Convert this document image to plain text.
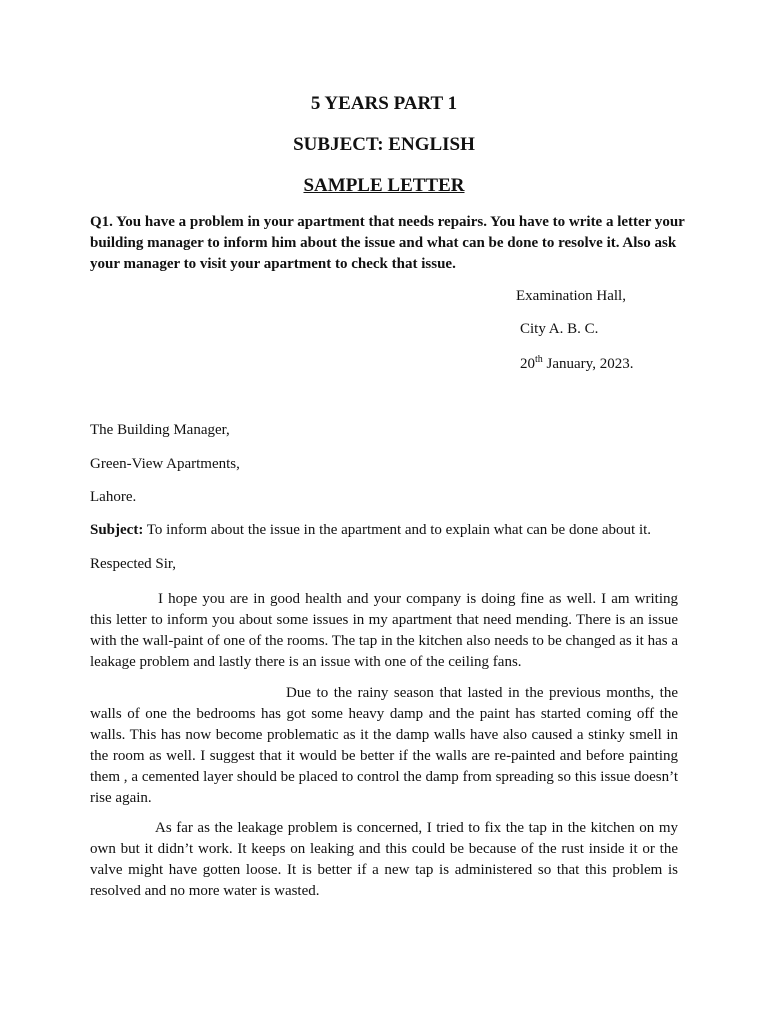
5 YEARS PART 1
SUBJECT: ENGLISH
SAMPLE LETTER
Q1. You have a problem in your apartment that needs repairs. You have to write a letter your building manager to inform him about the issue and what can be done to resolve it. Also ask your manager to visit your apartment to check that issue.
Examination Hall,
City A. B. C.
20th January, 2023.
The Building Manager,
Green-View Apartments,
Lahore.
Subject: To inform about the issue in the apartment and to explain what can be done about it.
Respected Sir,
I hope you are in good health and your company is doing fine as well. I am writing this letter to inform you about some issues in my apartment that need mending. There is an issue with the wall-paint of one of the rooms. The tap in the kitchen also needs to be changed as it has a leakage problem and lastly there is an issue with one of the ceiling fans.
Due to the rainy season that lasted in the previous months, the walls of one the bedrooms has got some heavy damp and the paint has started coming off the walls. This has now become problematic as it the damp walls have also caused a stinky smell in the room as well. I suggest that it would be better if the walls are re-painted and before painting them , a cemented layer should be placed to control the damp from spreading so this issue doesn’t rise again.
As far as the leakage problem is concerned, I tried to fix the tap in the kitchen on my own but it didn’t work. It keeps on leaking and this could be because of the rust inside it or the valve might have gotten loose. It is better if a new tap is administered so that this problem is resolved and no more water is wasted.
